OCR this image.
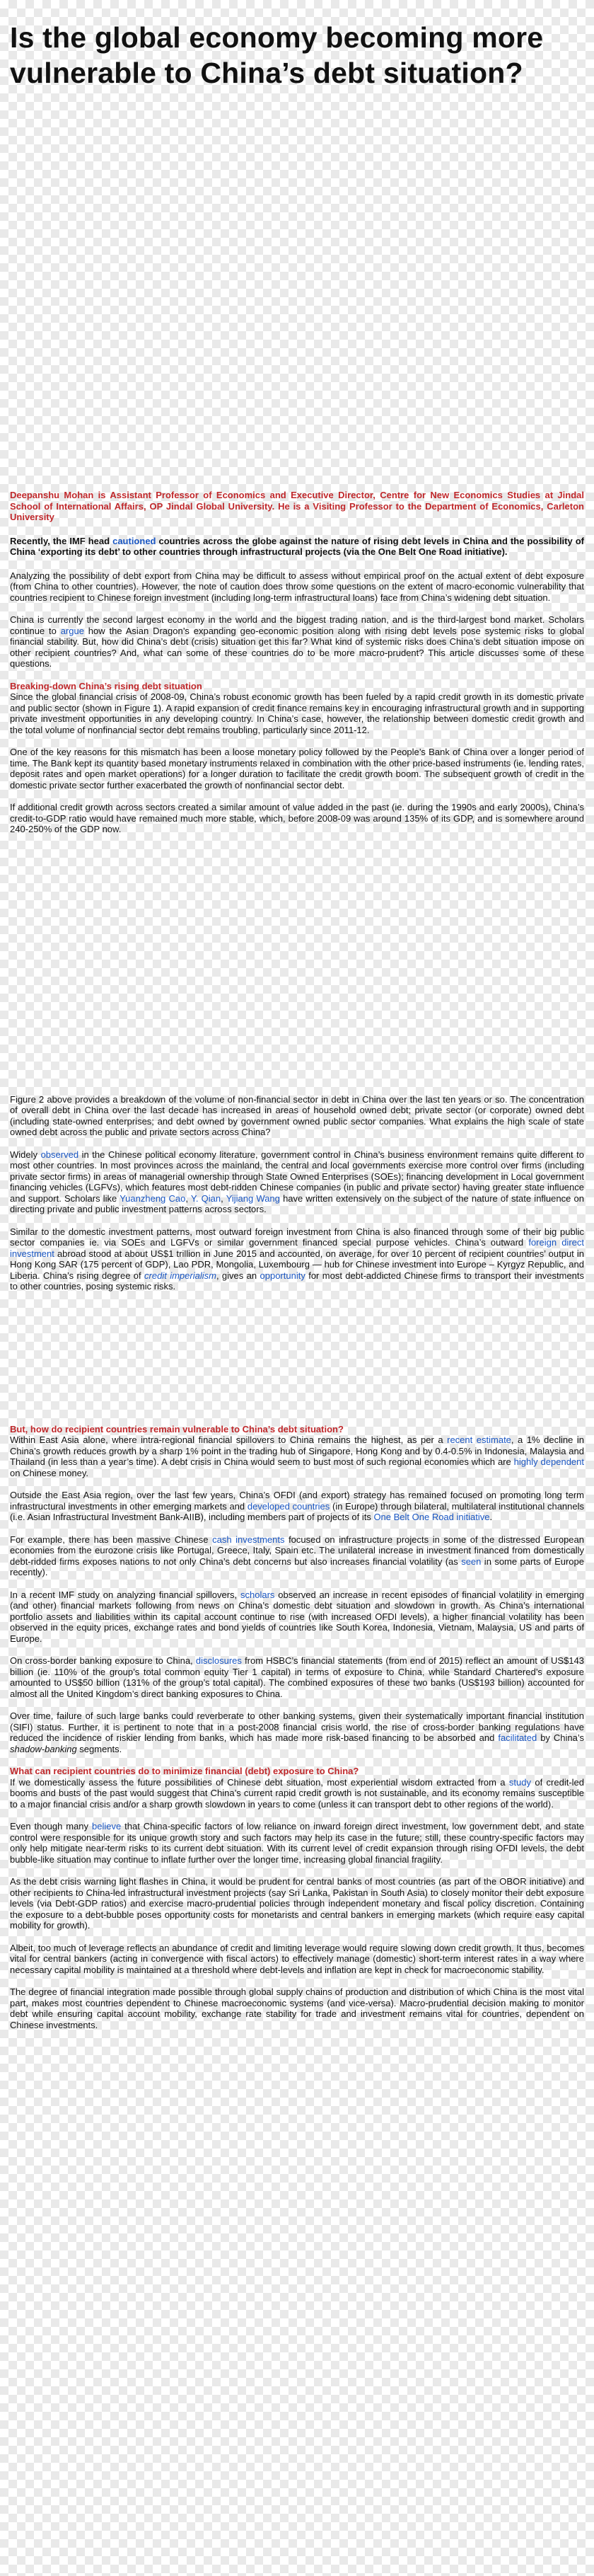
Is the global economy becoming more vulnerable to China’s debt situation?

Deepanshu Mohan is Assistant Professor of Economics and Executive Director, Centre for New Economics Studies at Jindal School of International Affairs, OP Jindal Global University. He is a Visiting Professor to the Department of Economics, Carleton University

Recently, the IMF head cautioned countries across the globe against the nature of rising debt levels in China and the possibility of China ‘exporting its debt’ to other countries through infrastructural projects (via the One Belt One Road initiative).

Analyzing the possibility of debt export from China may be difficult to assess without empirical proof on the actual extent of debt exposure (from China to other countries). However, the note of caution does throw some questions on the extent of macro-economic vulnerability that countries recipient to Chinese foreign investment (including long-term infrastructural loans) face from China’s widening debt situation.

China is currently the second largest economy in the world and the biggest trading nation, and is the third-largest bond market. Scholars continue to argue how the Asian Dragon’s expanding geo-economic position along with rising debt levels pose systemic risks to global financial stability. But, how did China’s debt (crisis) situation get this far? What kind of systemic risks does China’s debt situation impose on other recipient countries? And, what can some of these countries do to be more macro-prudent? This article discusses some of these questions.

Breaking-down China’s rising debt situation

Since the global financial crisis of 2008-09, China’s robust economic growth has been fueled by a rapid credit growth in its domestic private and public sector (shown in Figure 1). A rapid expansion of credit finance remains key in encouraging infrastructural growth and in supporting private investment opportunities in any developing country. In China’s case, however, the relationship between domestic credit growth and the total volume of nonfinancial sector debt remains troubling, particularly since 2011-12.

One of the key reasons for this mismatch has been a loose monetary policy followed by the People’s Bank of China over a longer period of time. The Bank kept its quantity based monetary instruments relaxed in combination with the other price-based instruments (ie. lending rates, deposit rates and open market operations) for a longer duration to facilitate the credit growth boom. The subsequent growth of credit in the domestic private sector further exacerbated the growth of nonfinancial sector debt.

If additional credit growth across sectors created a similar amount of value added in the past (ie. during the 1990s and early 2000s), China’s credit-to-GDP ratio would have remained much more stable, which, before 2008-09 was around 135% of its GDP, and is somewhere around 240-250% of the GDP now.

Figure 2 above provides a breakdown of the volume of non-financial sector in debt in China over the last ten years or so. The concentration of overall debt in China over the last decade has increased in areas of household owned debt; private sector (or corporate) owned debt (including state-owned enterprises; and debt owned by government owned public sector companies. What explains the high scale of state owned debt across the public and private sectors across China?

Widely observed in the Chinese political economy literature, government control in China’s business environment remains quite different to most other countries. In most provinces across the mainland, the central and local governments exercise more control over firms (including private sector firms) in areas of managerial ownership through State Owned Enterprises (SOEs); financing development in Local government financing vehicles (LGFVs), which features most debt-ridden Chinese companies (in public and private sector) having greater state influence and support. Scholars like Yuanzheng Cao, Y. Qian, Yijiang Wang have written extensively on the subject of the nature of state influence on directing private and public investment patterns across sectors.

Similar to the domestic investment patterns, most outward foreign investment from China is also financed through some of their big public sector companies ie. via SOEs and LGFVs or similar government financed special purpose vehicles. China’s outward foreign direct investment abroad stood at about US$1 trillion in June 2015 and accounted, on average, for over 10 percent of recipient countries’ output in Hong Kong SAR (175 percent of GDP), Lao PDR, Mongolia, Luxembourg — hub for Chinese investment into Europe – Kyrgyz Republic, and Liberia. China’s rising degree of credit imperialism, gives an opportunity for most debt-addicted Chinese firms to transport their investments to other countries, posing systemic risks.

But, how do recipient countries remain vulnerable to China’s debt situation?

Within East Asia alone, where intra-regional financial spillovers to China remains the highest, as per a recent estimate, a 1% decline in China’s growth reduces growth by a sharp 1% point in the trading hub of Singapore, Hong Kong and by 0.4-0.5% in Indonesia, Malaysia and Thailand (in less than a year’s time). A debt crisis in China would seem to bust most of such regional economies which are highly dependent on Chinese money.

Outside the East Asia region, over the last few years, China’s OFDI (and export) strategy has remained focused on promoting long term infrastructural investments in other emerging markets and developed countries (in Europe) through bilateral, multilateral institutional channels (i.e. Asian Infrastructural Investment Bank-AIIB), including members part of projects of its One Belt One Road initiative.

For example, there has been massive Chinese cash investments focused on infrastructure projects in some of the distressed European economies from the eurozone crisis like Portugal, Greece, Italy, Spain etc. The unilateral increase in investment financed from domestically debt-ridded firms exposes nations to not only China’s debt concerns but also increases financial volatility (as seen in some parts of Europe recently).

In a recent IMF study on analyzing financial spillovers, scholars observed an increase in recent episodes of financial volatility in emerging (and other) financial markets following from news on China’s domestic debt situation and slowdown in growth. As China’s international portfolio assets and liabilities within its capital account continue to rise (with increased OFDI levels), a higher financial volatility has been observed in the equity prices, exchange rates and bond yields of countries like South Korea, Indonesia, Vietnam, Malaysia, US and parts of Europe.

On cross-border banking exposure to China, disclosures from HSBC’s financial statements (from end of 2015) reflect an amount of US$143 billion (ie. 110% of the group’s total common equity Tier 1 capital) in terms of exposure to China, while Standard Chartered’s exposure amounted to US$50 billion (131% of the group’s total capital). The combined exposures of these two banks (US$193 billion) accounted for almost all the United Kingdom’s direct banking exposures to China.

Over time, failure of such large banks could reverberate to other banking systems, given their systematically important financial institution (SIFI) status. Further, it is pertinent to note that in a post-2008 financial crisis world, the rise of cross-border banking regulations have reduced the incidence of riskier lending from banks, which has made more risk-based financing to be absorbed and facilitated by China’s shadow-banking segments.

What can recipient countries do to minimize financial (debt) exposure to China?

If we domestically assess the future possibilities of Chinese debt situation, most experiential wisdom extracted from a study of credit-led booms and busts of the past would suggest that China’s current rapid credit growth is not sustainable, and its economy remains susceptible to a major financial crisis and/or a sharp growth slowdown in years to come (unless it can transport debt to other regions of the world).

Even though many believe that China-specific factors of low reliance on inward foreign direct investment, low government debt, and state control were responsible for its unique growth story and such factors may help its case in the future; still, these country-specific factors may only help mitigate near-term risks to its current debt situation. With its current level of credit expansion through rising OFDI levels, the debt bubble-like situation may continue to inflate further over the longer time, increasing global financial fragility.

As the debt crisis warning light flashes in China, it would be prudent for central banks of most countries (as part of the OBOR initiative) and other recipients to China-led infrastructural investment projects (say Sri Lanka, Pakistan in South Asia) to closely monitor their debt exposure levels (via Debt-GDP ratios) and exercise macro-prudential policies through independent monetary and fiscal policy discretion. Containing the exposure to a debt-bubble poses opportunity costs for monetarists and central bankers in emerging markets (which require easy capital mobility for growth).

Albeit, too much of leverage reflects an abundance of credit and limiting leverage would require slowing down credit growth. It thus, becomes vital for central bankers (acting in convergence with fiscal actors) to effectively manage (domestic) short-term interest rates in a way where necessary capital mobility is maintained at a threshold where debt-levels and inflation are kept in check for macroeconomic stability.

The degree of financial integration made possible through global supply chains of production and distribution of which China is the most vital part, makes most countries dependent to Chinese macroeconomic systems (and vice-versa). Macro-prudential decision making to monitor debt while ensuring capital account mobility, exchange rate stability for trade and investment remains vital for countries, dependent on Chinese investments.
